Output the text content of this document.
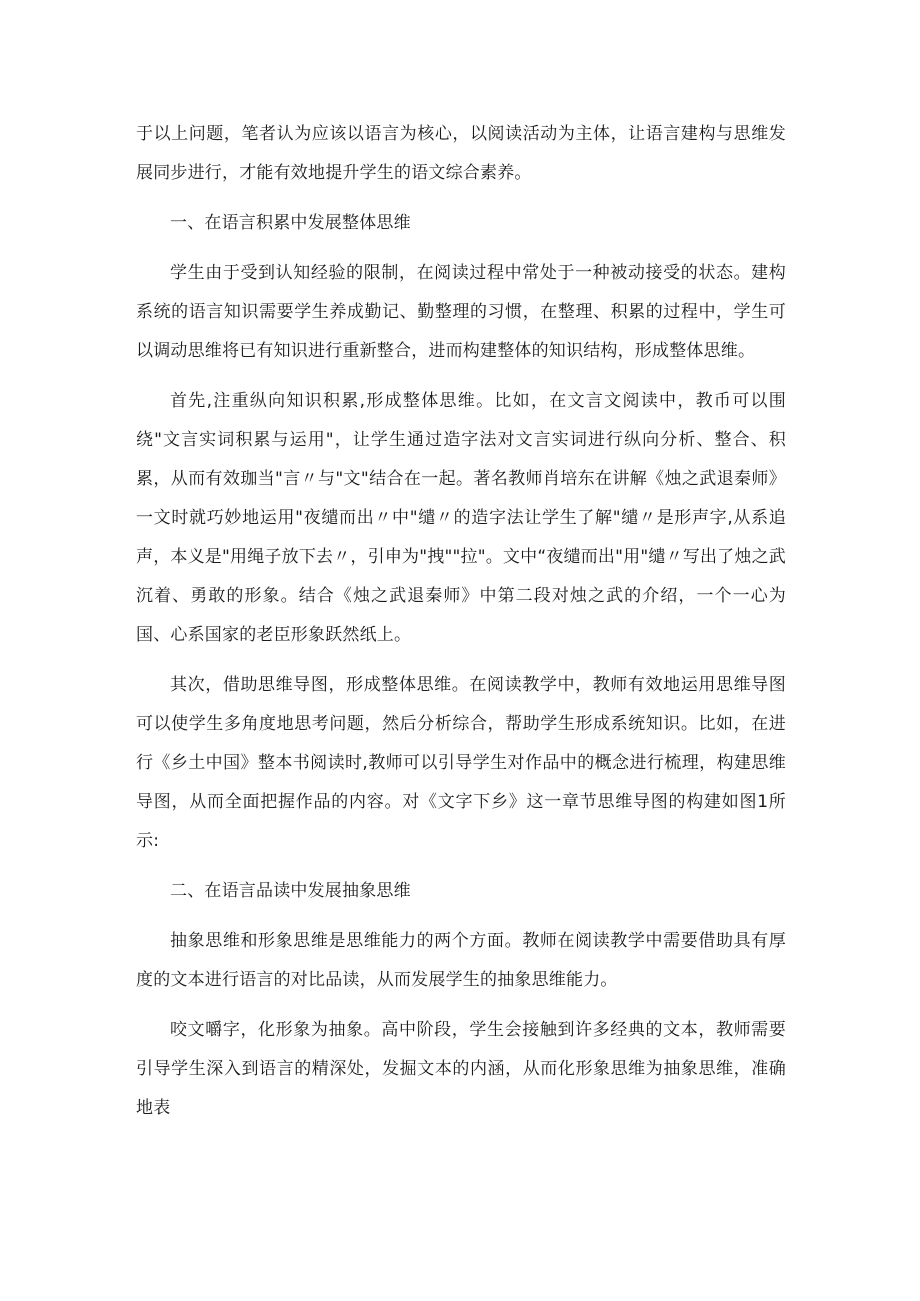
于以上问题，笔者认为应该以语言为核心，以阅读活动为主体，让语言建构与思维发展同步进行，才能有效地提升学生的语文综合素养。

一、在语言积累中发展整体思维

学生由于受到认知经验的限制，在阅读过程中常处于一种被动接受的状态。建构系统的语言知识需要学生养成勤记、勤整理的习惯，在整理、积累的过程中，学生可以调动思维将已有知识进行重新整合，进而构建整体的知识结构，形成整体思维。

首先,注重纵向知识积累,形成整体思维。比如，在文言文阅读中，教币可以围绕"文言实词积累与运用"，让学生通过造字法对文言实词进行纵向分析、整合、积累，从而有效珈当"言〃与"文"结合在一起。著名教师肖培东在讲解《烛之武退秦师》一文时就巧妙地运用"夜缱而出〃中"缱〃的造字法让学生了解"缱〃是形声字,从系追声，本义是"用绳子放下去〃，引申为"拽""拉"。文中“夜缱而出"用"缱〃写出了烛之武沉着、勇敢的形象。结合《烛之武退秦师》中第二段对烛之武的介绍，一个一心为国、心系国家的老臣形象跃然纸上。

其次，借助思维导图，形成整体思维。在阅读教学中，教师有效地运用思维导图可以使学生多角度地思考问题，然后分析综合，帮助学生形成系统知识。比如，在进行《乡土中国》整本书阅读时,教师可以引导学生对作品中的概念进行梳理，构建思维导图，从而全面把握作品的内容。对《文字下乡》这一章节思维导图的构建如图1所示:

二、在语言品读中发展抽象思维

抽象思维和形象思维是思维能力的两个方面。教师在阅读教学中需要借助具有厚度的文本进行语言的对比品读，从而发展学生的抽象思维能力。

咬文嚼字，化形象为抽象。高中阶段，学生会接触到许多经典的文本，教师需要引导学生深入到语言的精深处，发掘文本的内涵，从而化形象思维为抽象思维，准确地表
